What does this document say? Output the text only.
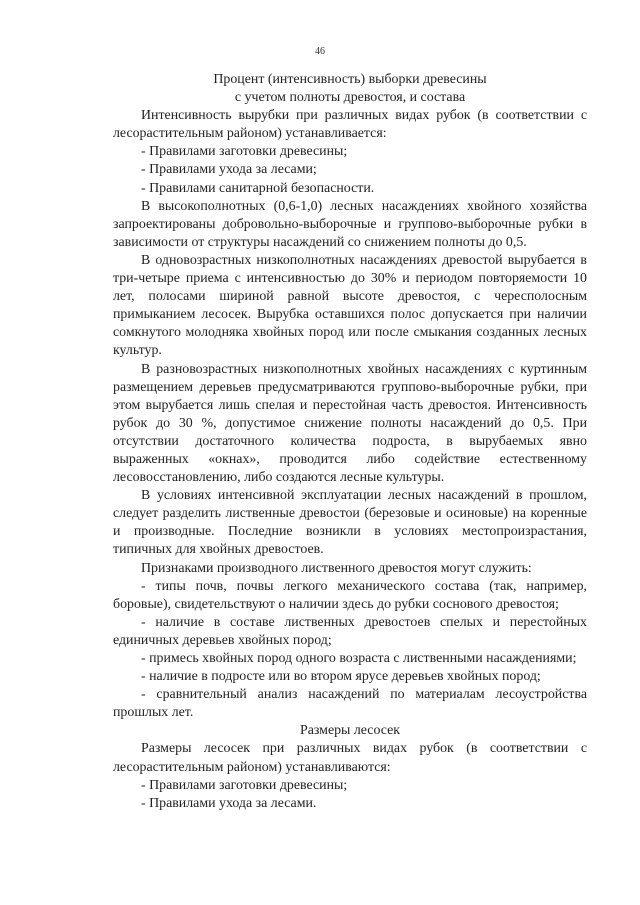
46

Процент (интенсивность) выборки древесины

с учетом полноты древостоя, и состава

Интенсивность вырубки при различных видах рубок (в соответствии с лесорастительным районом) устанавливается:

- Правилами заготовки древесины;

- Правилами ухода за лесами;

- Правилами санитарной безопасности.

В высокополнотных (0,6-1,0) лесных насаждениях хвойного хозяйства запроектированы добровольно-выборочные и группово-выборочные рубки в зависимости от структуры насаждений со снижением полноты до 0,5.

В одновозрастных низкополнотных насаждениях древостой вырубается в три-четыре приема с интенсивностью до 30% и периодом повторяемости 10 лет, полосами шириной равной высоте древостоя, с чересполосным примыканием лесосек. Вырубка оставшихся полос допускается при наличии сомкнутого молодняка хвойных пород или после смыкания созданных лесных культур.

В разновозрастных низкополнотных хвойных насаждениях с куртинным размещением деревьев предусматриваются группово-выборочные рубки, при этом вырубается лишь спелая и перестойная часть древостоя. Интенсивность рубок до 30 %, допустимое снижение полноты насаждений до 0,5. При отсутствии достаточного количества подроста, в вырубаемых явно выраженных «окнах», проводится либо содействие естественному лесовосстановлению, либо создаются лесные культуры.

В условиях интенсивной эксплуатации лесных насаждений в прошлом, следует разделить лиственные древостои (березовые и осиновые) на коренные и производные. Последние возникли в условиях местопроизрастания, типичных для хвойных древостоев.

Признаками производного лиственного древостоя могут служить:

- типы почв, почвы легкого механического состава (так, например, боровые), свидетельствуют о наличии здесь до рубки соснового древостоя;

- наличие в составе лиственных древостоев спелых и перестойных единичных деревьев хвойных пород;

- примесь хвойных пород одного возраста с лиственными насаждениями;

- наличие в подросте или во втором ярусе деревьев хвойных пород;

- сравнительный анализ насаждений по материалам лесоустройства прошлых лет.

Размеры лесосек

Размеры лесосек при различных видах рубок (в соответствии с лесорастительным районом) устанавливаются:

- Правилами заготовки древесины;

- Правилами ухода за лесами.
